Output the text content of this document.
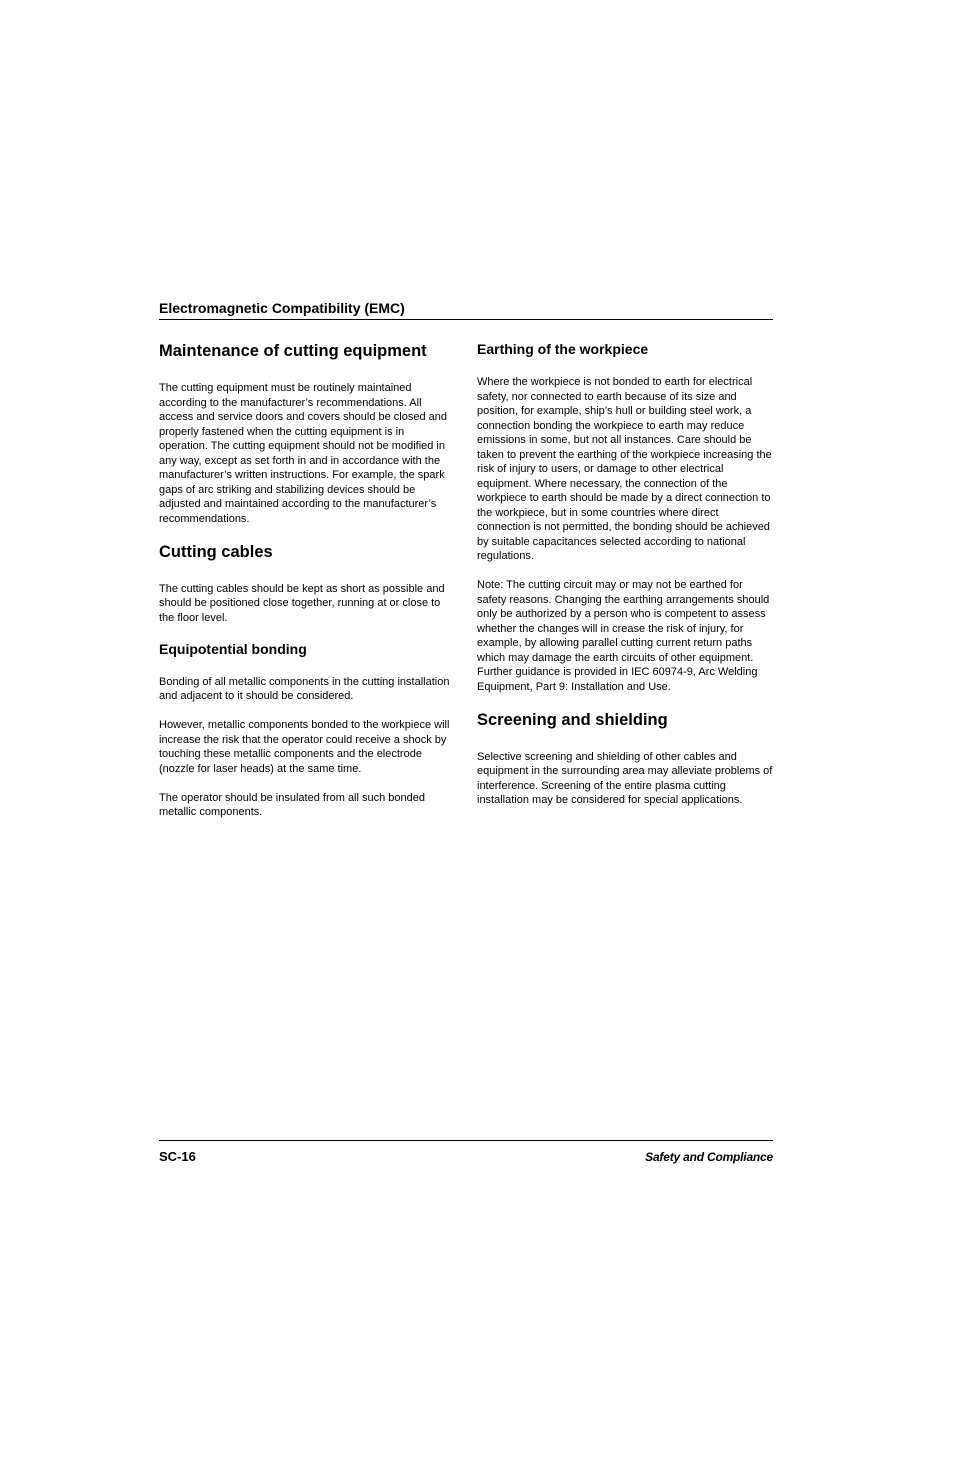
Electromagnetic Compatibility (EMC)
Maintenance of cutting equipment

The cutting equipment must be routinely maintained according to the manufacturer’s recommendations. All access and service doors and covers should be closed and properly fastened when the cutting equipment is in operation. The cutting equipment should not be modified in any way, except as set forth in and in accordance with the manufacturer’s written instructions. For example, the spark gaps of arc striking and stabilizing devices should be adjusted and maintained according to the manufacturer’s recommendations.

Cutting cables

The cutting cables should be kept as short as possible and should be positioned close together, running at or close to the floor level.

Equipotential bonding

Bonding of all metallic components in the cutting installation and adjacent to it should be considered.

However, metallic components bonded to the workpiece will increase the risk that the operator could receive a shock by touching these metallic components and the electrode (nozzle for laser heads) at the same time.

The operator should be insulated from all such bonded metallic components.

Earthing of the workpiece

Where the workpiece is not bonded to earth for electrical safety, nor connected to earth because of its size and position, for example, ship’s hull or building steel work, a connection bonding the workpiece to earth may reduce emissions in some, but not all instances. Care should be taken to prevent the earthing of the workpiece increasing the risk of injury to users, or damage to other electrical equipment. Where necessary, the connection of the workpiece to earth should be made by a direct connection to the workpiece, but in some countries where direct connection is not permitted, the bonding should be achieved by suitable capacitances selected according to national regulations.

Note: The cutting circuit may or may not be earthed for safety reasons. Changing the earthing arrangements should only be authorized by a person who is competent to assess whether the changes will in crease the risk of injury, for example, by allowing parallel cutting current return paths which may damage the earth circuits of other equipment. Further guidance is provided in IEC 60974-9, Arc Welding Equipment, Part 9: Installation and Use.

Screening and shielding

Selective screening and shielding of other cables and equipment in the surrounding area may alleviate problems of interference. Screening of the entire plasma cutting installation may be considered for special applications.

SC-16	Safety and Compliance
